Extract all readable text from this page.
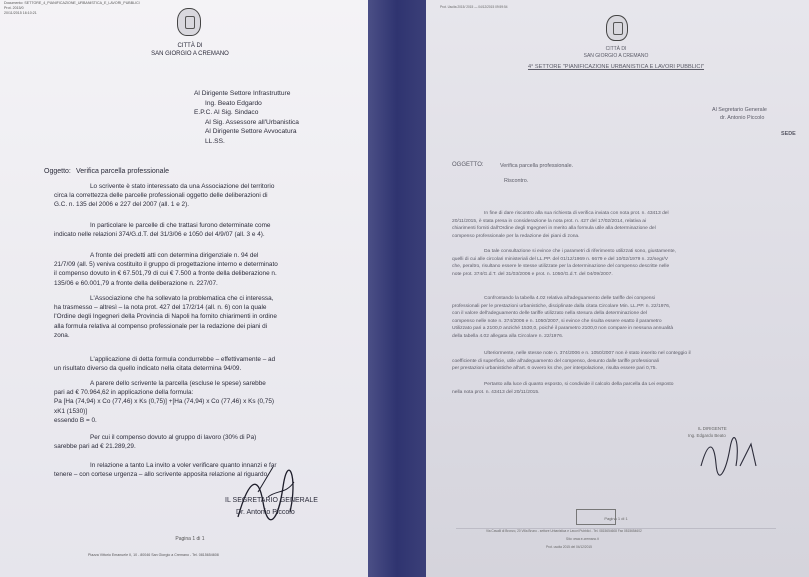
Documento: SETTORE_4_PIANIFICAZIONE_URBANISTICA_E_LAVORI_PUBBLICI
Prot. 2015/0
20/11/2015 16:10:21
CITTÀ DI
SAN GIORGIO A CREMANO
Al Dirigente Settore Infrastrutture
Ing. Beato Edgardo
E.P.C. Al Sig. Sindaco
Al Sig. Assessore all'Urbanistica
Al Dirigente Settore Avvocatura
LL.SS.
Oggetto: Verifica parcella professionale
Lo scrivente è stato interessato da una Associazione del territorio
circa la correttezza delle parcelle professionali oggetto delle deliberazioni di
G.C. n. 135 del 2006 e 227 del 2007 (all. 1 e 2).
In particolare le parcelle di che trattasi furono determinate come
indicato nelle relazioni 374/G.d.T. del 31/3/06 e 1050 del 4/9/07 (all. 3 e 4).
A fronte dei predetti atti con determina dirigenziale n. 94 del
21/7/09 (all. 5) veniva costituito il gruppo di progettazione interno e determinato
il compenso dovuto in € 67.501,79 di cui € 7.500 a fronte della deliberazione n.
135/06 e 60.001,79 a fronte della deliberazione n. 227/07.
L'Associazione che ha sollevato la problematica che ci interessa,
ha trasmesso – altresì – la nota prot. 427 del 17/2/14 (all. n. 6) con la quale
l'Ordine degli Ingegneri della Provincia di Napoli ha fornito chiarimenti in ordine
alla formula relativa al compenso professionale per la redazione dei piani di
zona.
L'applicazione di detta formula condurrebbe – effettivamente – ad
un risultato diverso da quello indicato nella citata determina 94/09.
A parere dello scrivente la parcella (escluse le spese) sarebbe
pari ad € 70.964,62 in applicazione della formula:
Pa [Ha (74,94) x Co (77,46) x Ks (0,75)] +[Ha (74,94) x Co (77,46) x Ks (0,75)
xK1 (1530)]
essendo B = 0.
Per cui il compenso dovuto al gruppo di lavoro (30% di Pa)
sarebbe pari ad € 21.289,29.
In relazione a tanto La invito a voler verificare quanto innanzi e far
tenere – con cortese urgenza – allo scrivente apposita relazione al riguardo.
IL SEGRETARIO GENERALE
Dr. Antonio Piccolo
Pagina 1 di 1
Piazza Vittorio Emanuele II, 10 - 80046 San Giorgio a Cremano - Tel. 0815654608
Prot. Uscita 2015/ 2015 — 04/12/2015 09:59:54
CITTÀ DI
SAN GIORGIO A CREMANO
4° SETTORE "PIANIFICAZIONE URBANISTICA E LAVORI PUBBLICI"
Al Segretario Generale
dr. Antonio Piccolo
SEDE
OGGETTO:	Verifica parcella professionale.
Riscontro.
In fine di dare riscontro alla sua richiesta di verifica inviata con nota prot. n. 43413 del
20/11/2015, è stata presa in considerazione la nota prot. n. 427 del 17/02/2014, relativa ai
chiarimenti forniti dall'Ordine degli Ingegneri in merito alla formula utile alla determinazione del
compenso professionale per la redazione dei piani di zona.
Da tale consultazione si evince che i parametri di riferimento utilizzati sono, giustamente,
quelli di cui alle circolari ministeriali del LL.PP. del 01/12/1969 n. 6679 e del 10/02/1979 n. 22/segr/V
che, peraltro, risultano essere le stesse utilizzate per la determinazione del compenso descritte nelle
note prot. 374/G.d.T. del 31/03/2006 e prot. n. 1050/G.d.T. del 04/09/2007.
Confrontando la tabella 4.02 relativa all'adeguamento delle tariffe dei compensi
professionali per le prestazioni urbanistiche, disciplinate dalla citata Circolare Min. LL.PP. n. 22/1976,
con il valore dell'adeguamento delle tariffe utilizzato nella stesura della determinazione del
compenso nelle note n. 374/2006 e n. 1050/2007, si evince che risulta essere esatto il parametro
Utilizzato pari a 2100,0 anziché 1530,0, poiché il parametro 2100,0 non compare in nessuna annualità
della tabella 4.02 allegata alla Circolare n. 22/1976.
Ulteriormente, nelle stesse note n. 374/2006 e n. 1050/2007 non è stato inserito nel conteggio il
coefficiente di superficie, utile all'adeguamento del compenso, desunto dalle tariffe professionali
per prestazioni urbanistiche all'art. 6 ovvero ks che, per interpolazione, risulta essere pari 0,75.
Pertanto alla luce di quanto esposto, si condivide il calcolo della parcella da Lei esposto
nella nota prot. n. 43413 del 20/11/2015.
IL DIRIGENTE
Ing. Edgardo Beato
Pagina 1 di 1
Via Cavalli di Bronzo, 20 Villa Bruno - settore Urbanistica e Lavori Pubblici - Tel. 0815654608 Fax 0815654602
Sito: www.e-cremano.it
Prot. uscita 2015 del 04/12/2015
